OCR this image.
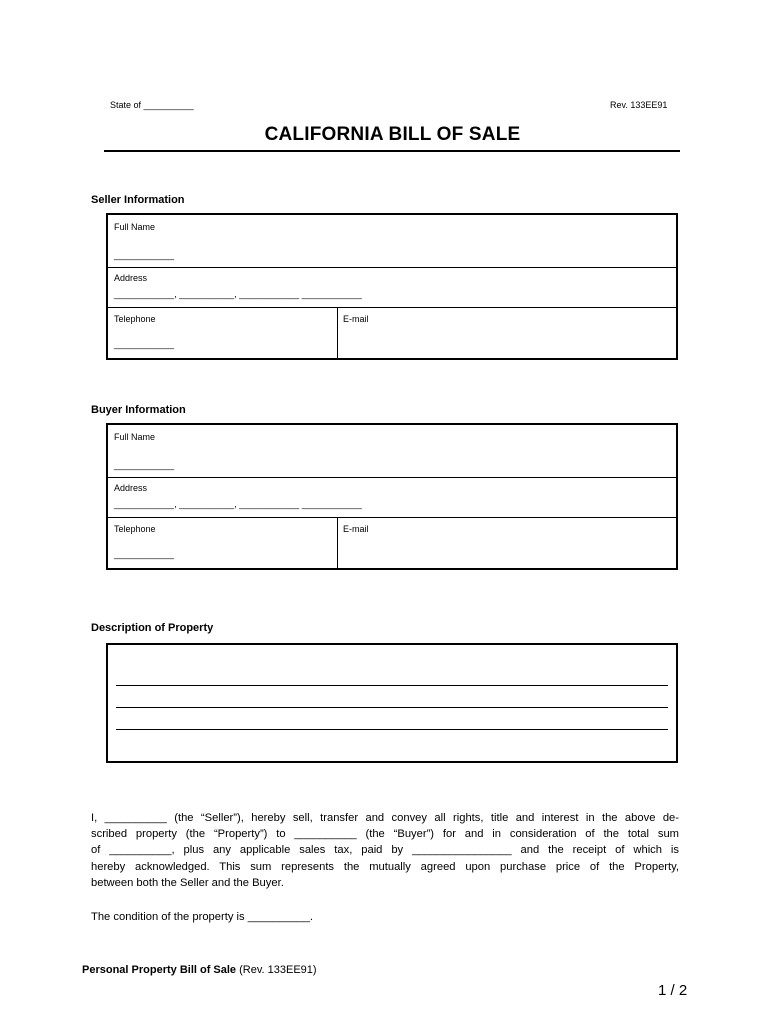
State of __________	Rev. 133EE91
CALIFORNIA BILL OF SALE
Seller Information
Full Name
____________
Address
____________, ___________, ____________ ____________
Telephone
____________
E-mail
Buyer Information
Full Name
____________
Address
____________, ___________, ____________ ____________
Telephone
____________
E-mail
Description of Property
I, __________ (the “Seller”), hereby sell, transfer and convey all rights, title and interest in the above de-
scribed property (the “Property”) to __________ (the “Buyer”) for and in consideration of the total sum
of __________, plus any applicable sales tax, paid by ________________ and the receipt of which is
hereby acknowledged. This sum represents the mutually agreed upon purchase price of the Property,
between both the Seller and the Buyer.
The condition of the property is __________.
Personal Property Bill of Sale (Rev. 133EE91)
1 / 2
